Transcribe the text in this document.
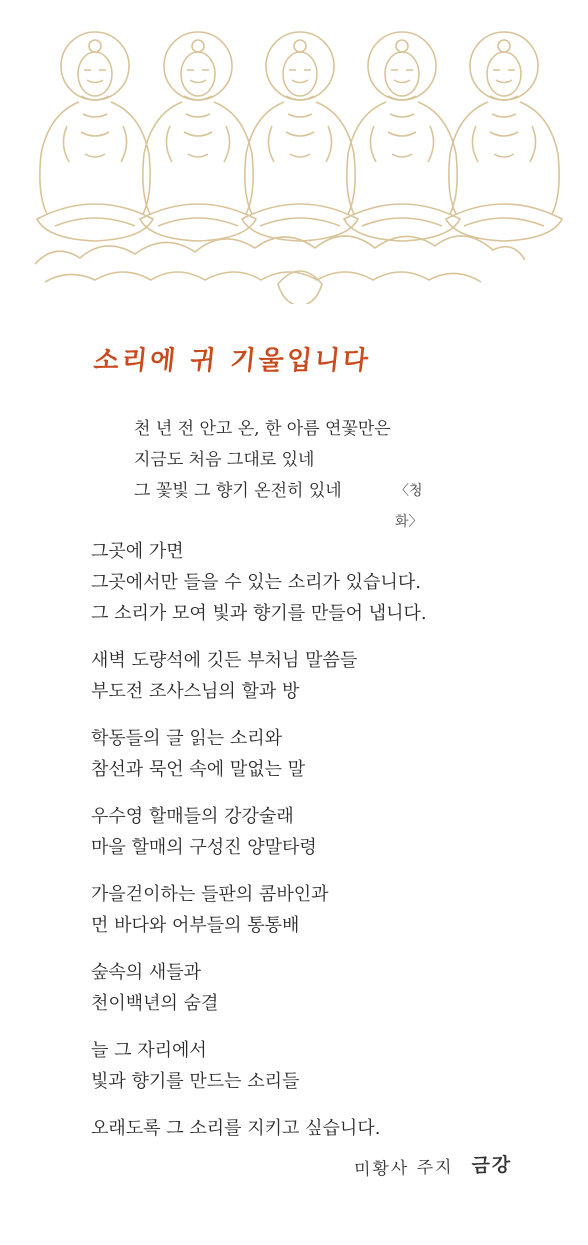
소리에 귀 기울입니다
천 년 전 안고 온, 한 아름 연꽃만은
지금도 처음 그대로 있네
그 꽃빛 그 향기 온전히 있네	〈청화〉
그곳에 가면
그곳에서만 들을 수 있는 소리가 있습니다.
그 소리가 모여 빛과 향기를 만들어 냅니다.
새벽 도량석에 깃든 부처님 말씀들
부도전 조사스님의 할과 방
학동들의 글 읽는 소리와
참선과 묵언 속에 말없는 말
우수영 할매들의 강강술래
마을 할매의 구성진 양말타령
가을걷이하는 들판의 콤바인과
먼 바다와 어부들의 통통배
숲속의 새들과
천이백년의 숨결
늘 그 자리에서
빛과 향기를 만드는 소리들
오래도록 그 소리를 지키고 싶습니다.
미황사 주지 금강
